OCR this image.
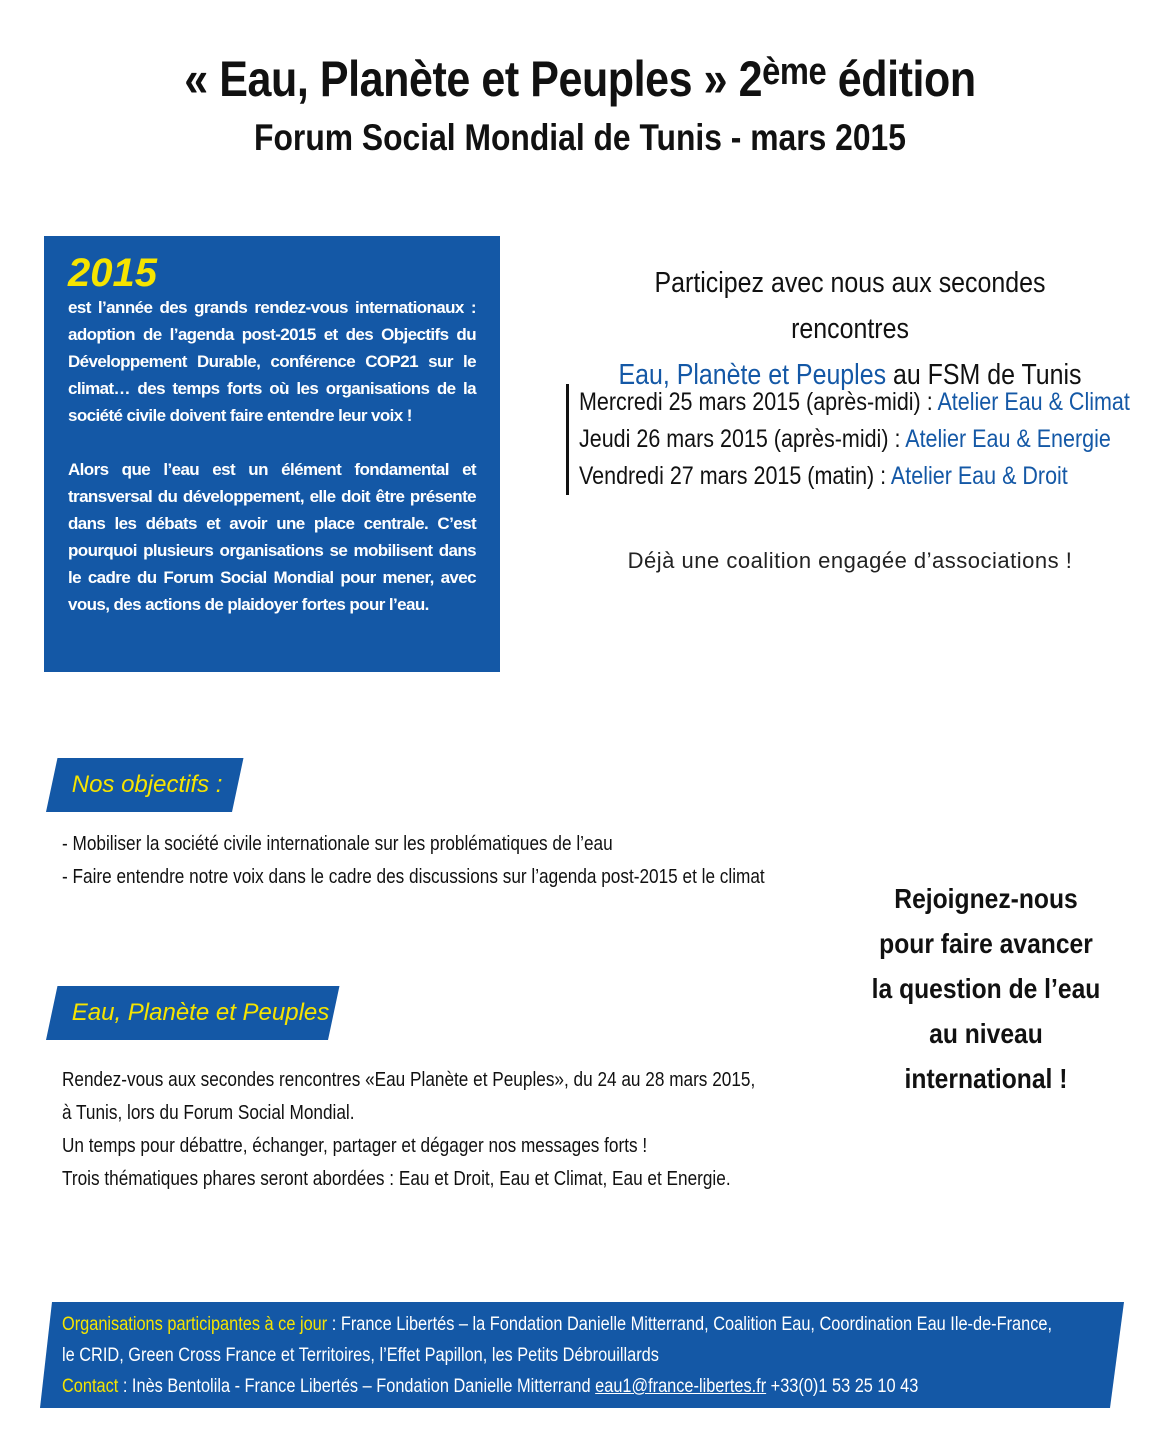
« Eau, Planète et Peuples » 2ème édition
Forum Social Mondial de Tunis - mars 2015
2015

est l’année des grands rendez-vous internationaux : adoption de l’agenda post-2015 et des Objectifs du Développement Durable, conférence COP21 sur le climat… des temps forts où les organisations de la société civile doivent faire entendre leur voix !

Alors que l’eau est un élément fondamental et transversal du développement, elle doit être présente dans les débats et avoir une place centrale. C’est pourquoi plusieurs organisations se mobilisent dans le cadre du Forum Social Mondial pour mener, avec vous, des actions de plaidoyer fortes pour l’eau.

Participez avec nous aux secondes rencontres
Eau, Planète et Peuples au FSM de Tunis
Mercredi 25 mars 2015 (après-midi) : Atelier Eau & Climat
Jeudi 26 mars 2015 (après-midi) : Atelier Eau & Energie
Vendredi 27 mars 2015 (matin) : Atelier Eau & Droit
Déjà une coalition engagée d’associations !
Nos objectifs :
- Mobiliser la société civile internationale sur les problématiques de l’eau
- Faire entendre notre voix dans le cadre des discussions sur l’agenda post-2015 et le climat
Eau, Planète et Peuples
Rendez-vous aux secondes rencontres «Eau Planète et Peuples», du 24 au 28 mars 2015,
à Tunis, lors du Forum Social Mondial.
Un temps pour débattre, échanger, partager et dégager nos messages forts !
Trois thématiques phares seront abordées : Eau et Droit, Eau et Climat, Eau et Energie.
Rejoignez-nous
pour faire avancer
la question de l’eau
au niveau
international !
Organisations participantes à ce jour : France Libertés – la Fondation Danielle Mitterrand, Coalition Eau, Coordination Eau Ile-de-France,
le CRID, Green Cross France et Territoires, l’Effet Papillon, les Petits Débrouillards
Contact : Inès Bentolila - France Libertés – Fondation Danielle Mitterrand eau1@france-libertes.fr +33(0)1 53 25 10 43
